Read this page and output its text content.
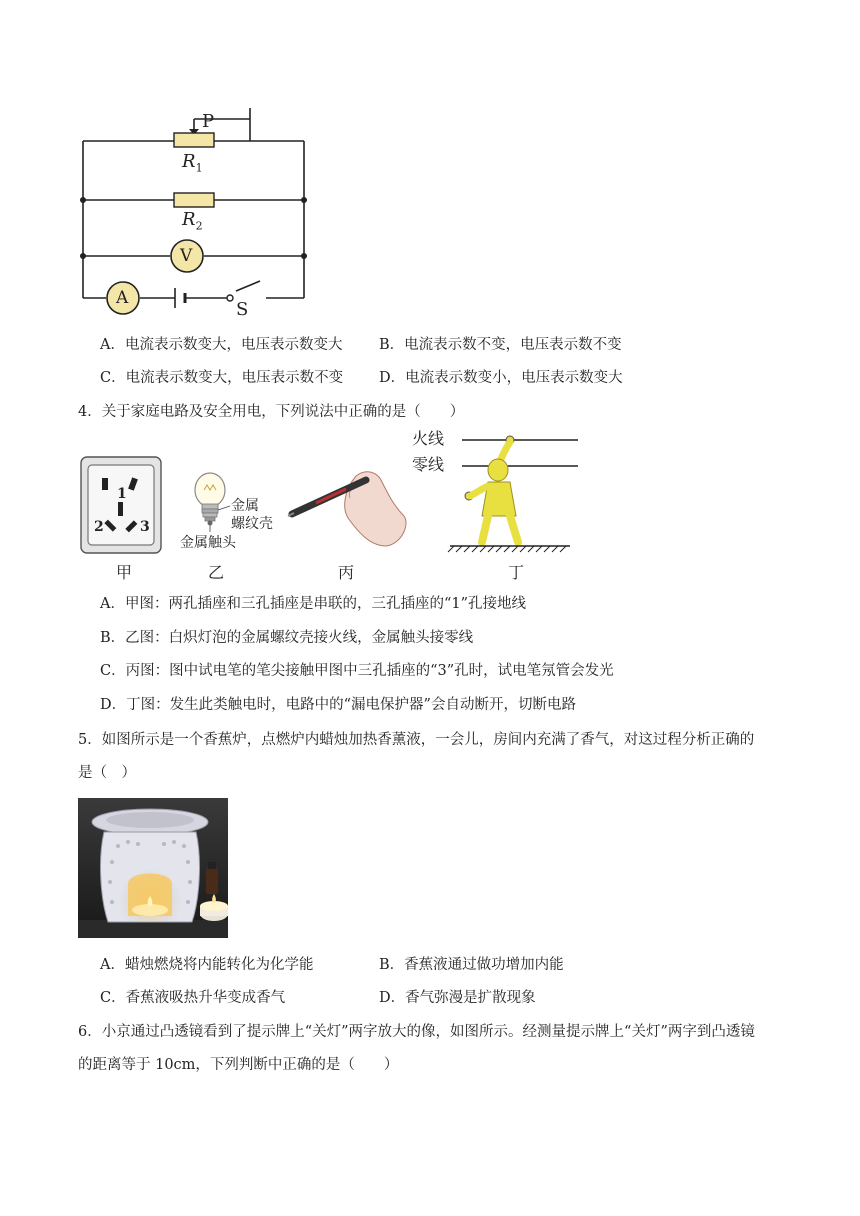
P
$R_1$
$R_2$
V
A
S
A．电流表示数变大，电压表示数变大	B．电流表示数不变，电压表示数不变
C．电流表示数变大，电压表示数不变 D．电流表示数变小，电压表示数变大
4．关于家庭电路及安全用电，下列说法中正确的是（　　）
1
2	3
甲
金属
螺纹壳
金属触头
乙	丙
火线
零线
丁
A．甲图：两孔插座和三孔插座是串联的，三孔插座的“1”孔接地线
B．乙图：白炽灯泡的金属螺纹壳接火线，金属触头接零线
C．丙图：图中试电笔的笔尖接触甲图中三孔插座的“3”孔时，试电笔氖管会发光
D．丁图：发生此类触电时，电路中的“漏电保护器”会自动断开，切断电路
5．如图所示是一个香蕉炉，点燃炉内蜡烛加热香薰液，一会儿，房间内充满了香气，对这过程分析正确的
是（　）
A．蜡烛燃烧将内能转化为化学能	B．香蕉液通过做功增加内能
C．香蕉液吸热升华变成香气	D．香气弥漫是扩散现象
6．小京通过凸透镜看到了提示牌上“关灯”两字放大的像，如图所示。经测量提示牌上“关灯”两字到凸透镜
的距离等于 10cm，下列判断中正确的是（　　）
